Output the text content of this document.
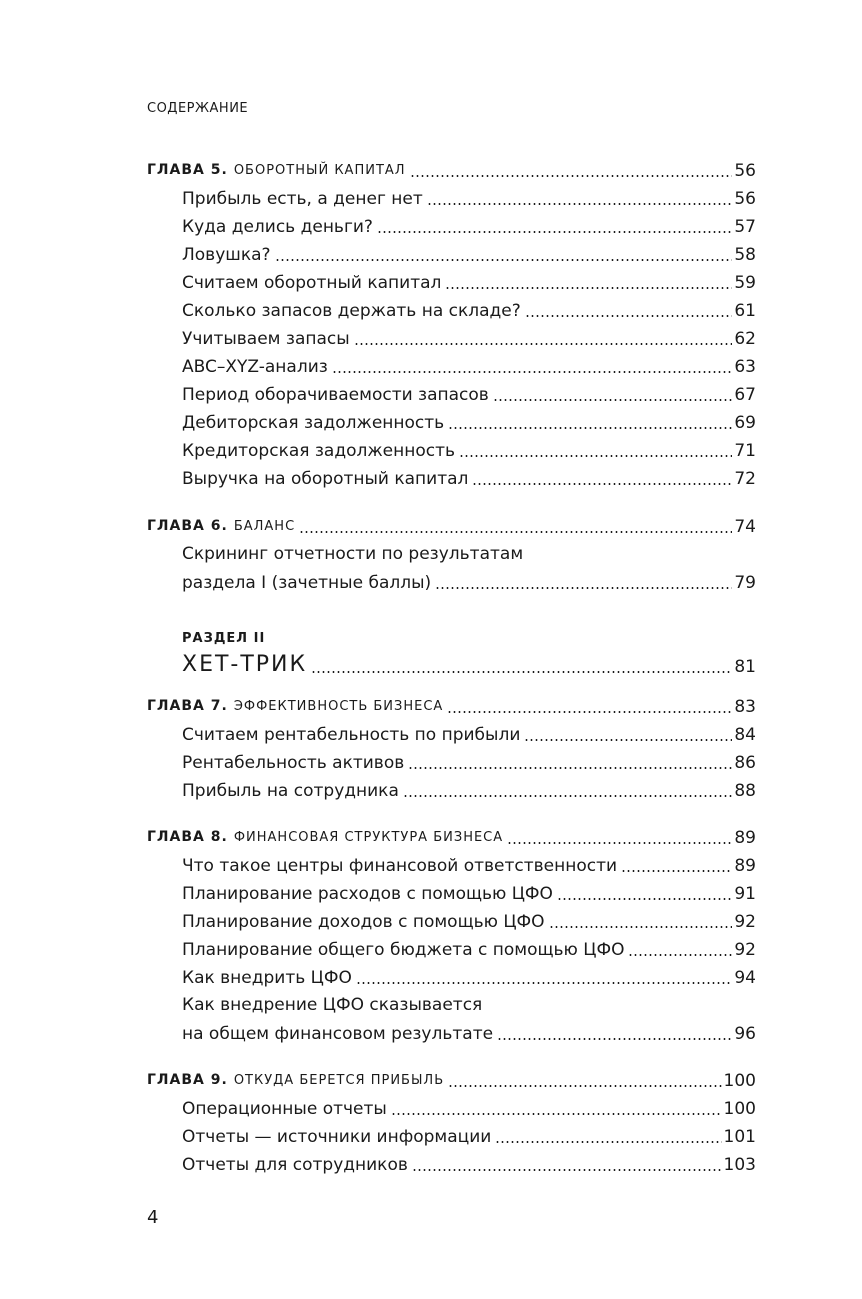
СОДЕРЖАНИЕ
ГЛАВА 5. ОБОРОТНЫЙ КАПИТАЛ	56
Прибыль есть, а денег нет	56
Куда делись деньги?	57
Ловушка?	58
Считаем оборотный капитал	59
Сколько запасов держать на складе?	61
Учитываем запасы	62
ABC–XYZ-анализ	63
Период оборачиваемости запасов	67
Дебиторская задолженность	69
Кредиторская задолженность	71
Выручка на оборотный капитал	72
ГЛАВА 6. БАЛАНС	74
Скрининг отчетности по результатам
раздела I (зачетные баллы)	79
РАЗДЕЛ II
ХЕТ-ТРИК	81
ГЛАВА 7. ЭФФЕКТИВНОСТЬ БИЗНЕСА	83
Считаем рентабельность по прибыли	84
Рентабельность активов	86
Прибыль на сотрудника	88
ГЛАВА 8. ФИНАНСОВАЯ СТРУКТУРА БИЗНЕСА	89
Что такое центры финансовой ответственности	89
Планирование расходов с помощью ЦФО	91
Планирование доходов с помощью ЦФО	92
Планирование общего бюджета с помощью ЦФО	92
Как внедрить ЦФО	94
Как внедрение ЦФО сказывается
на общем финансовом результате	96
ГЛАВА 9. ОТКУДА БЕРЕТСЯ ПРИБЫЛЬ	100
Операционные отчеты	100
Отчеты — источники информации	101
Отчеты для сотрудников	103
4
